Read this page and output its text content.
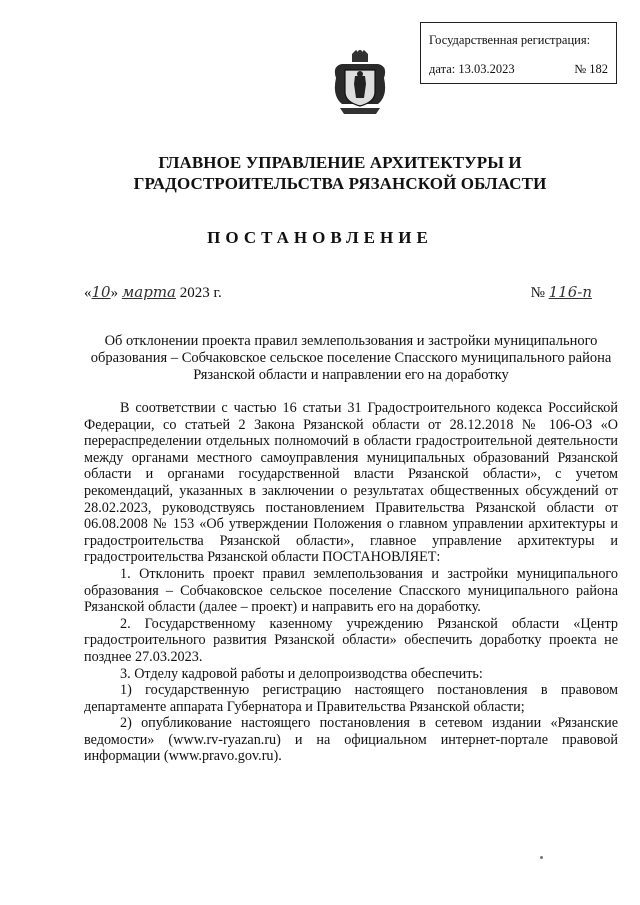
Государственная регистрация:
дата: 13.03.2023	№ 182
ГЛАВНОЕ УПРАВЛЕНИЕ АРХИТЕКТУРЫ И ГРАДОСТРОИТЕЛЬСТВА РЯЗАНСКОЙ ОБЛАСТИ
ПОСТАНОВЛЕНИЕ
«10» марта 2023 г.	№ 116-п
Об отклонении проекта правил землепользования и застройки муниципального образования – Собчаковское сельское поселение Спасского муниципального района Рязанской области и направлении его на доработку

В соответствии с частью 16 статьи 31 Градостроительного кодекса Российской Федерации, со статьей 2 Закона Рязанской области от 28.12.2018 № 106-ОЗ «О перераспределении отдельных полномочий в области градостроительной деятельности между органами местного самоуправления муниципальных образований Рязанской области и органами государственной власти Рязанской области», с учетом рекомендаций, указанных в заключении о результатах общественных обсуждений от 28.02.2023, руководствуясь постановлением Правительства Рязанской области от 06.08.2008 № 153 «Об утверждении Положения о главном управлении архитектуры и градостроительства Рязанской области», главное управление архитектуры и градостроительства Рязанской области ПОСТАНОВЛЯЕТ:

1. Отклонить проект правил землепользования и застройки муниципального образования – Собчаковское сельское поселение Спасского муниципального района Рязанской области (далее – проект) и направить его на доработку.

2. Государственному казенному учреждению Рязанской области «Центр градостроительного развития Рязанской области» обеспечить доработку проекта не позднее 27.03.2023.

3. Отделу кадровой работы и делопроизводства обеспечить:

1) государственную регистрацию настоящего постановления в правовом департаменте аппарата Губернатора и Правительства Рязанской области;

2) опубликование настоящего постановления в сетевом издании «Рязанские ведомости» (www.rv-ryazan.ru) и на официальном интернет-портале правовой информации (www.pravo.gov.ru).
